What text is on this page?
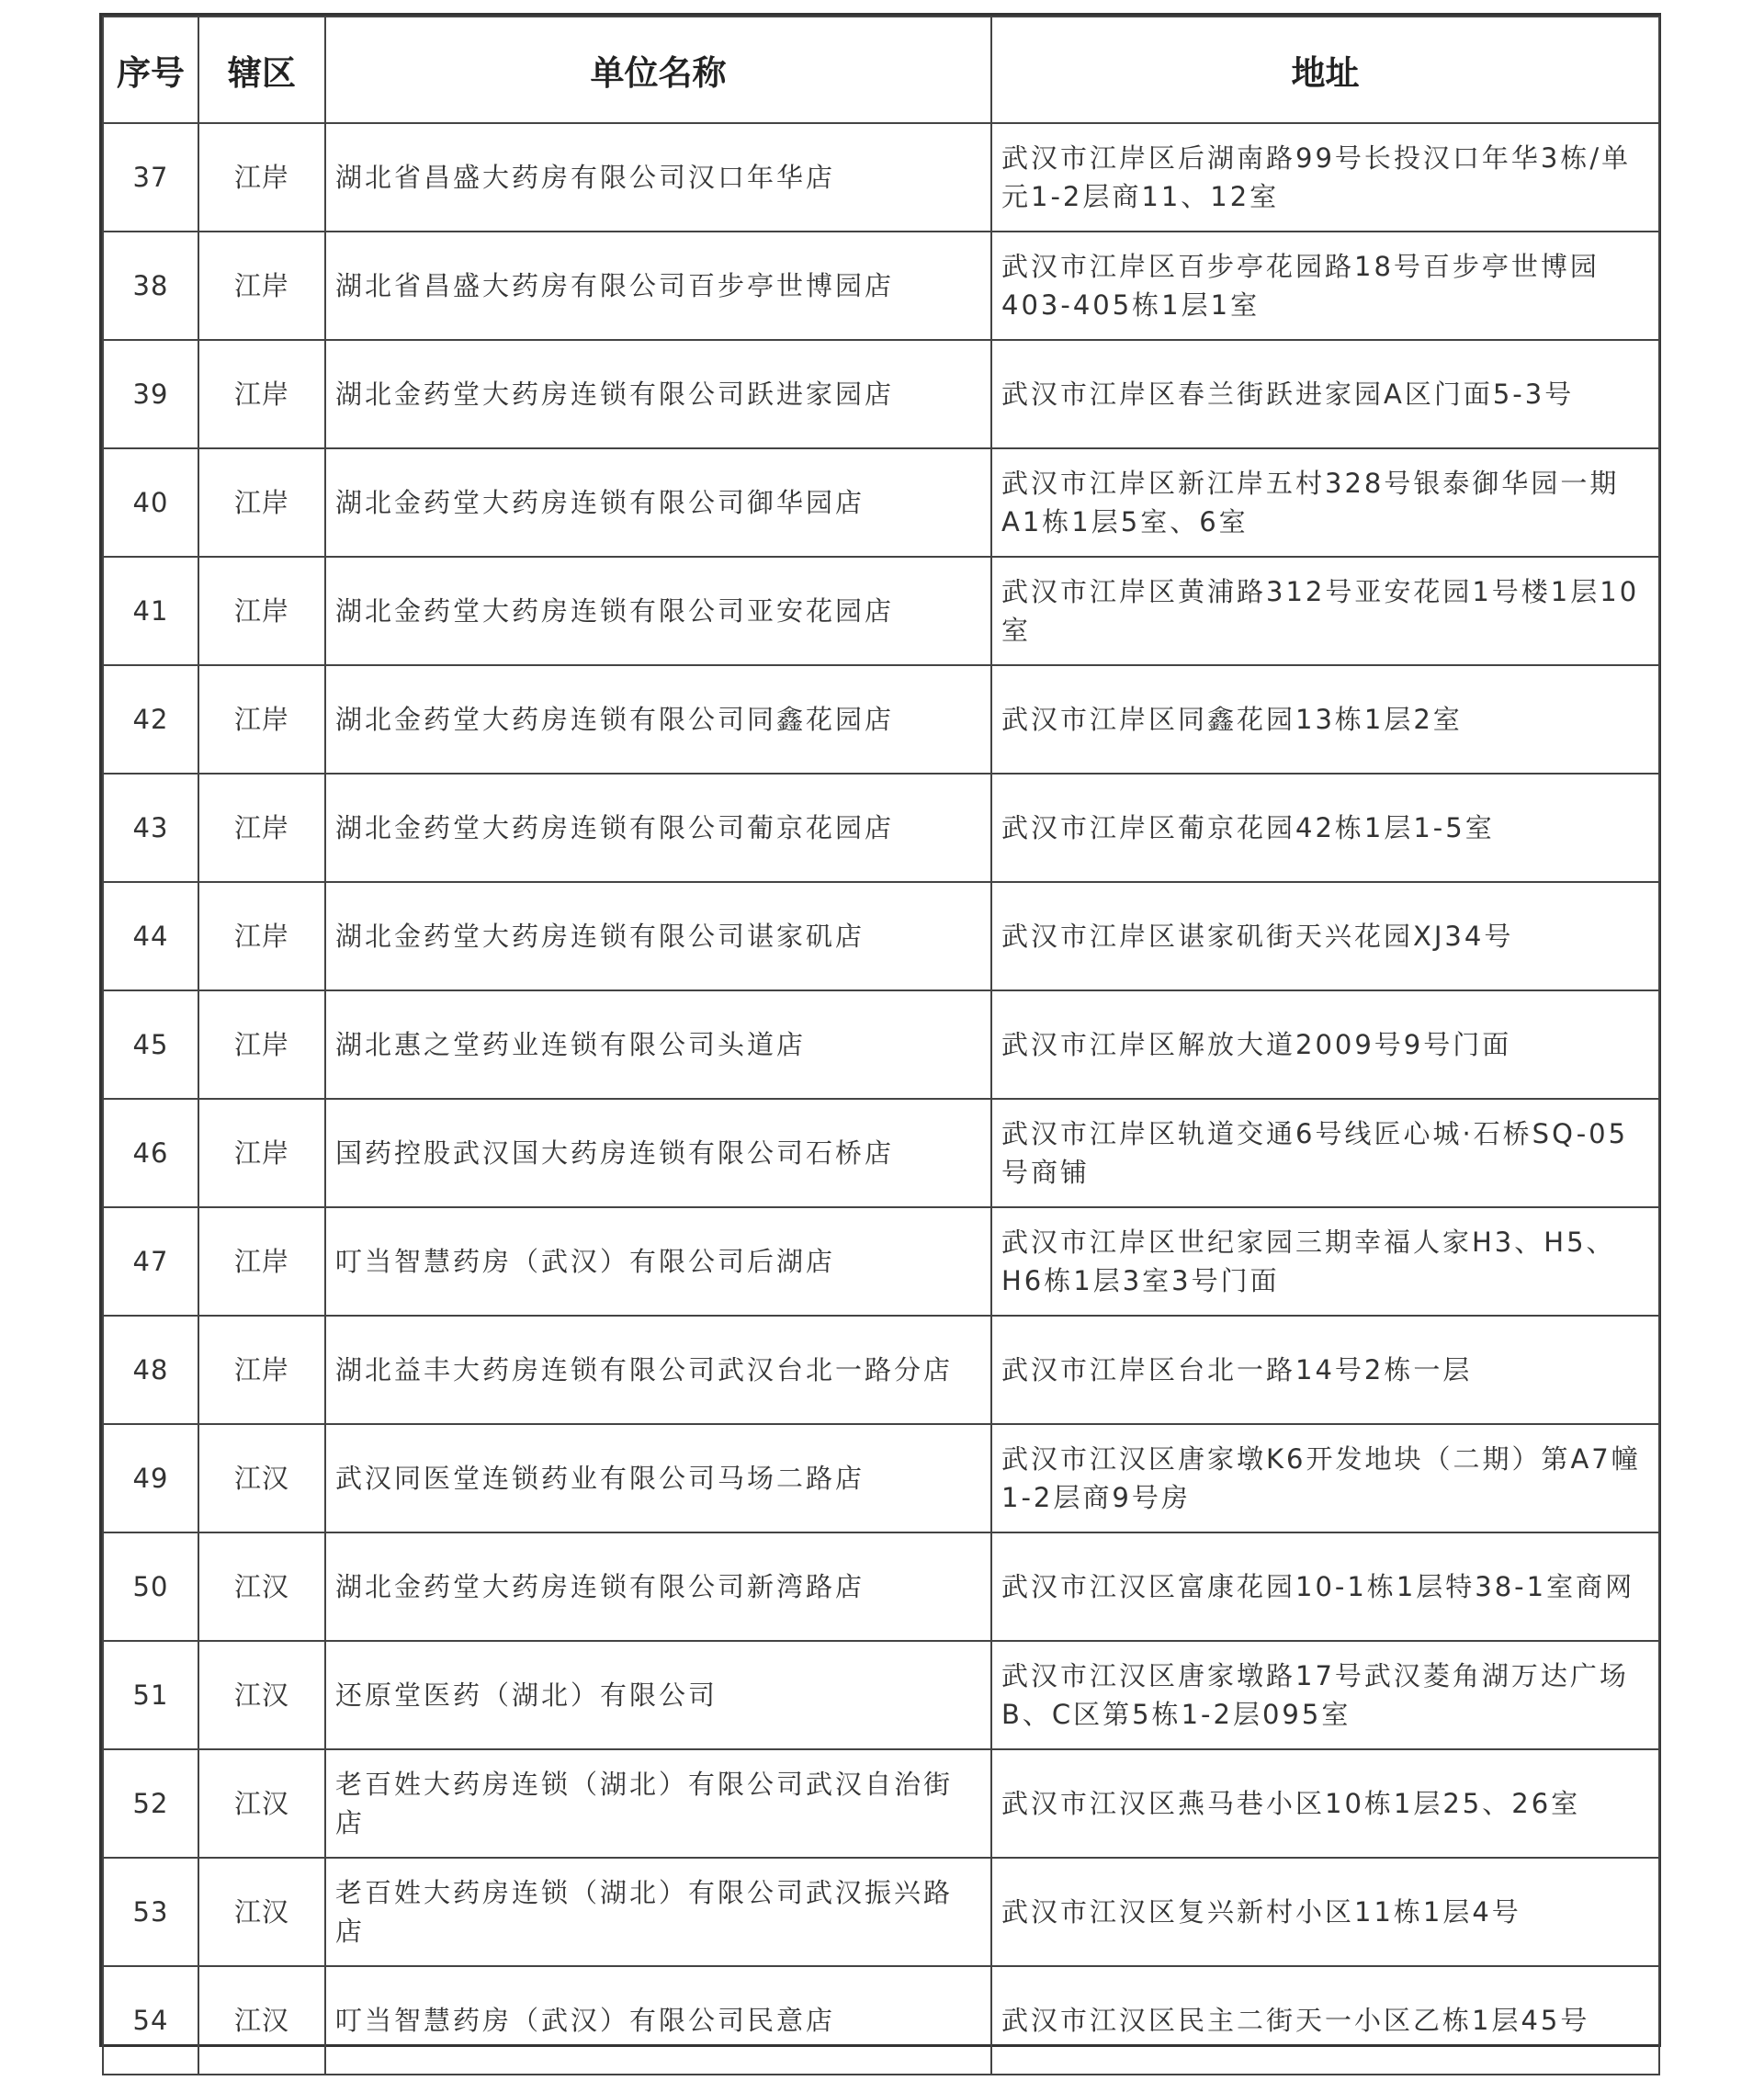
序号	辖区	单位名称	地址
37	江岸	湖北省昌盛大药房有限公司汉口年华店	武汉市江岸区后湖南路99号长投汉口年华3栋/单元1-2层商11、12室
38	江岸	湖北省昌盛大药房有限公司百步亭世博园店	武汉市江岸区百步亭花园路18号百步亭世博园403-405栋1层1室
39	江岸	湖北金药堂大药房连锁有限公司跃进家园店	武汉市江岸区春兰街跃进家园A区门面5-3号
40	江岸	湖北金药堂大药房连锁有限公司御华园店	武汉市江岸区新江岸五村328号银泰御华园一期A1栋1层5室、6室
41	江岸	湖北金药堂大药房连锁有限公司亚安花园店	武汉市江岸区黄浦路312号亚安花园1号楼1层10室
42	江岸	湖北金药堂大药房连锁有限公司同鑫花园店	武汉市江岸区同鑫花园13栋1层2室
43	江岸	湖北金药堂大药房连锁有限公司葡京花园店	武汉市江岸区葡京花园42栋1层1-5室
44	江岸	湖北金药堂大药房连锁有限公司谌家矶店	武汉市江岸区谌家矶街天兴花园XJ34号
45	江岸	湖北惠之堂药业连锁有限公司头道店	武汉市江岸区解放大道2009号9号门面
46	江岸	国药控股武汉国大药房连锁有限公司石桥店	武汉市江岸区轨道交通6号线匠心城·石桥SQ-05号商铺
47	江岸	叮当智慧药房（武汉）有限公司后湖店	武汉市江岸区世纪家园三期幸福人家H3、H5、H6栋1层3室3号门面
48	江岸	湖北益丰大药房连锁有限公司武汉台北一路分店	武汉市江岸区台北一路14号2栋一层
49	江汉	武汉同医堂连锁药业有限公司马场二路店	武汉市江汉区唐家墩K6开发地块（二期）第A7幢1-2层商9号房
50	江汉	湖北金药堂大药房连锁有限公司新湾路店	武汉市江汉区富康花园10-1栋1层特38-1室商网
51	江汉	还原堂医药（湖北）有限公司	武汉市江汉区唐家墩路17号武汉菱角湖万达广场B、C区第5栋1-2层095室
52	江汉	老百姓大药房连锁（湖北）有限公司武汉自治街店	武汉市江汉区燕马巷小区10栋1层25、26室
53	江汉	老百姓大药房连锁（湖北）有限公司武汉振兴路店	武汉市江汉区复兴新村小区11栋1层4号
54	江汉	叮当智慧药房（武汉）有限公司民意店	武汉市江汉区民主二街天一小区乙栋1层45号
